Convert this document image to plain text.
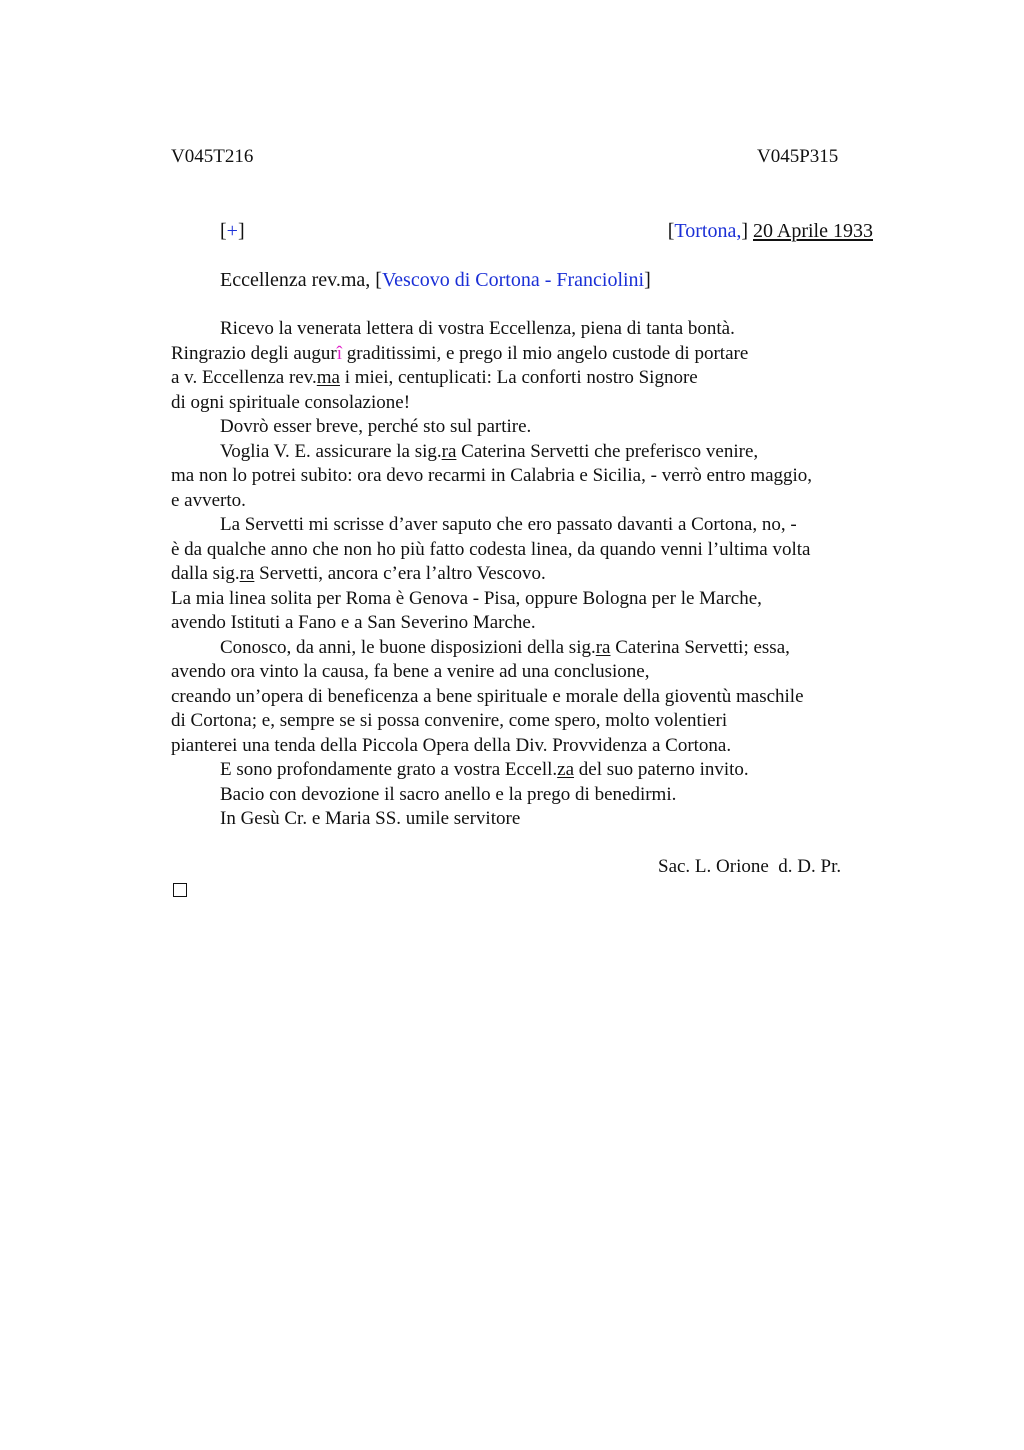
V045T216	V045P315
[+]	[Tortona,] 20 Aprile 1933
Eccellenza rev.ma, [Vescovo di Cortona - Franciolini]
Ricevo la venerata lettera di vostra Eccellenza, piena di tanta bontà.
Ringrazio degli augurî graditissimi, e prego il mio angelo custode di portare
a v. Eccellenza rev.ma i miei, centuplicati: La conforti nostro Signore
di ogni spirituale consolazione!
Dovrò esser breve, perché sto sul partire.
Voglia V. E. assicurare la sig.ra Caterina Servetti che preferisco venire,
ma non lo potrei subito: ora devo recarmi in Calabria e Sicilia, - verrò entro maggio,
e avverto.
La Servetti mi scrisse d’aver saputo che ero passato davanti a Cortona, no, -
è da qualche anno che non ho più fatto codesta linea, da quando venni l’ultima volta
dalla sig.ra Servetti, ancora c’era l’altro Vescovo.
La mia linea solita per Roma è Genova - Pisa, oppure Bologna per le Marche,
avendo Istituti a Fano e a San Severino Marche.
Conosco, da anni, le buone disposizioni della sig.ra Caterina Servetti; essa,
avendo ora vinto la causa, fa bene a venire ad una conclusione,
creando un’opera di beneficenza a bene spirituale e morale della gioventù maschile
di Cortona; e, sempre se si possa convenire, come spero, molto volentieri
pianterei una tenda della Piccola Opera della Div. Provvidenza a Cortona.
E sono profondamente grato a vostra Eccell.za del suo paterno invito.
Bacio con devozione il sacro anello e la prego di benedirmi.
In Gesù Cr. e Maria SS. umile servitore
Sac. L. Orione  d. D. Pr.
